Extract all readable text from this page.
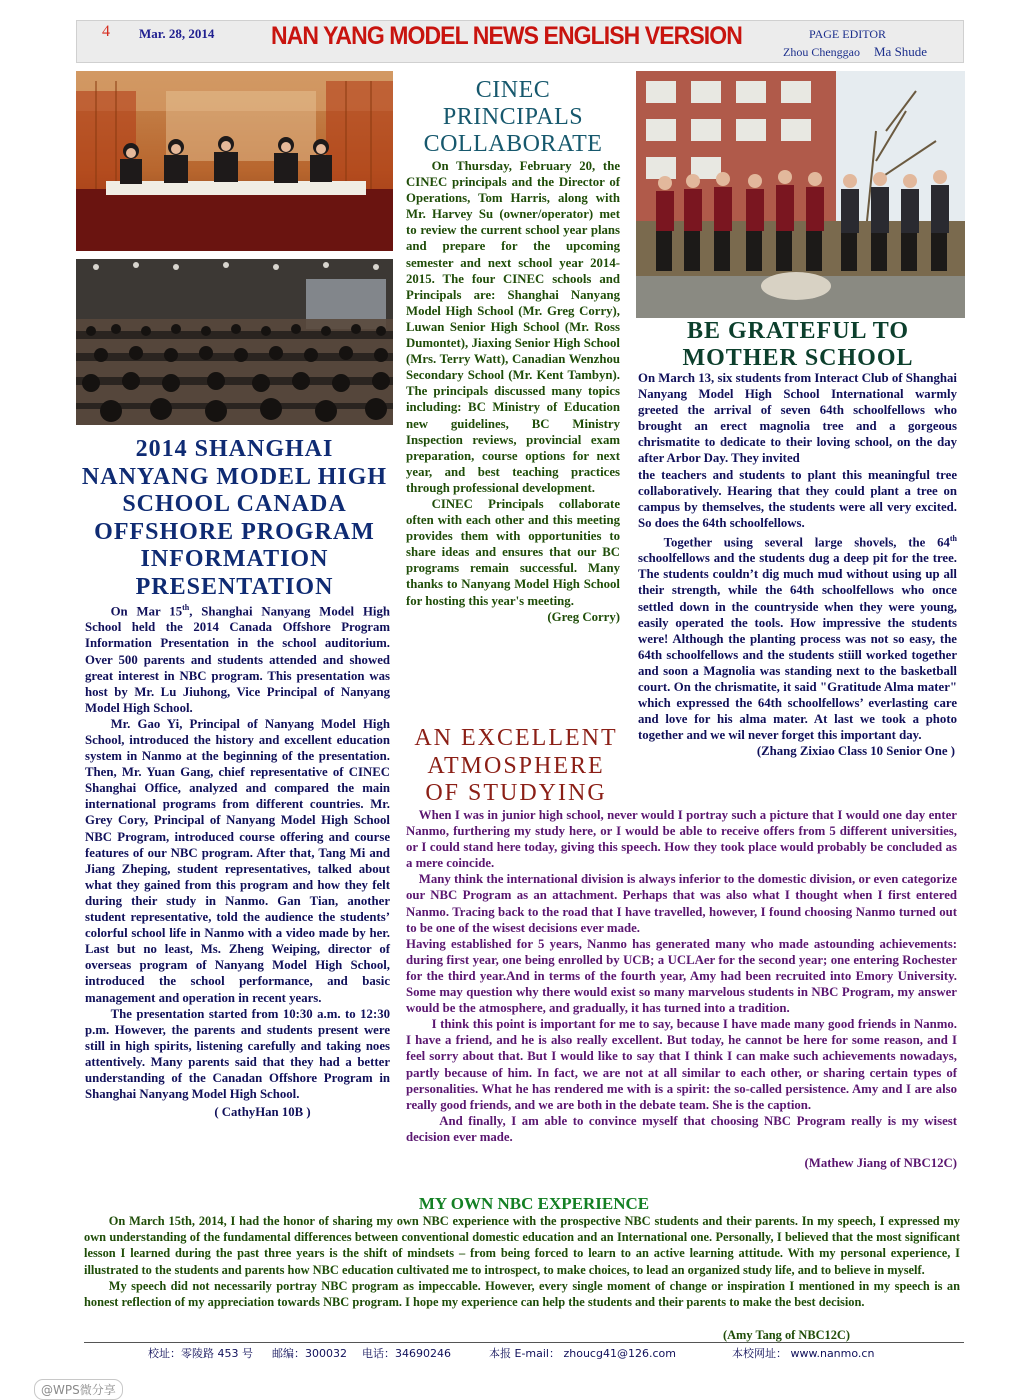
4 Mar. 28, 2014 NAN YANG MODEL NEWS ENGLISH VERSION	PAGE EDITOR
Zhou Chenggao Ma Shude
2014 SHANGHAI NANYANG MODEL HIGH SCHOOL CANADA OFFSHORE PROGRAM INFORMATION PRESENTATION

On Mar 15th, Shanghai Nanyang Model High School held the 2014 Canada Offshore Program Information Presentation in the school auditorium. Over 500 parents and students attended and showed great interest in NBC program. This presentation was host by Mr. Lu Jiuhong, Vice Principal of Nanyang Model High School.

Mr. Gao Yi, Principal of Nanyang Model High School, introduced the history and excellent education system in Nanmo at the beginning of the presentation. Then, Mr. Yuan Gang, chief representative of CINEC Shanghai Office, analyzed and compared the main international programs from different countries. Mr. Grey Cory, Principal of Nanyang Model High School NBC Program, introduced course offering and course features of our NBC program. After that, Tang Mi and Jiang Zheping, student representatives, talked about what they gained from this program and how they felt during their study in Nanmo. Gan Tian, another student representative, told the audience the students’ colorful school life in Nanmo with a video made by her. Last but no least, Ms. Zheng Weiping, director of overseas program of Nanyang Model High School, introduced the school performance, and basic management and operation in recent years.

The presentation started from 10:30 a.m. to 12:30 p.m. However, the parents and students present were still in high spirits, listening carefully and taking noes attentively. Many parents said that they had a better understanding of the Canadan Offshore Program in Shanghai Nanyang Model High School.

( CathyHan 10B )

CINEC PRINCIPALS COLLABORATE

On Thursday, February 20, the CINEC principals and the Director of Operations, Tom Harris, along with Mr. Harvey Su (owner/operator) met to review the current school year plans and prepare for the upcoming semester and next school year 2014-2015. The four CINEC schools and Principals are: Shanghai Nanyang Model High School (Mr. Greg Corry), Luwan Senior High School (Mr. Ross Dumontet), Jiaxing Senior High School (Mrs. Terry Watt), Canadian Wenzhou Secondary School (Mr. Kent Tambyn). The principals discussed many topics including: BC Ministry of Education new guidelines, BC Ministry Inspection reviews, provincial exam preparation, course options for next year, and best teaching practices through professional development.

CINEC Principals collaborate often with each other and this meeting provides them with opportunities to share ideas and ensures that our BC programs remain successful. Many thanks to Nanyang Model High School for hosting this year's meeting.

(Greg Corry)

BE GRATEFUL TO MOTHER SCHOOL

On March 13, six students from Interact Club of Shanghai Nanyang Model High School International warmly greeted the arrival of seven 64th schoolfellows who brought an erect magnolia tree and a gorgeous chrismatite to dedicate to their loving school, on the day after Arbor Day. They invited

the teachers and students to plant this meaningful tree collaboratively. Hearing that they could plant a tree on campus by themselves, the students were all very excited. So does the 64th schoolfellows.

Together using several large shovels, the 64th schoolfellows and the students dug a deep pit for the tree. The students couldn’t dig much mud without using up all their strength, while the 64th schoolfellows who once settled down in the countryside when they were young, easily operated the tools. How impressive the students were! Although the planting process was not so easy, the 64th schoolfellows and the students stiill worked together and soon a Magnolia was standing next to the basketball court. On the chrismatite, it said "Gratitude Alma mater" which expressed the 64th schoolfellows’ everlasting care and love for his alma mater. At last we took a photo together and we wil never forget this important day.

(Zhang Zixiao Class 10 Senior One )

AN EXCELLENT ATMOSPHERE OF STUDYING
MY OWN NBC EXPERIENCE

On March 15th, 2014, I had the honor of sharing my own NBC experience with the prospective NBC students and their parents. In my speech, I expressed my own understanding of the fundamental differences between conventional domestic education and an International one. Personally, I believed that the most significant lesson I learned during the past three years is the shift of mindsets – from being forced to learn to an active learning attitude. With my personal experience, I illustrated to the students and parents how NBC education cultivated me to introspect, to make choices, to lead an organized study life, and to believe in myself.

My speech did not necessarily portray NBC program as impeccable. However, every single moment of change or inspiration I mentioned in my speech is an honest reflection of my appreciation towards NBC program. I hope my experience can help the students and their parents to make the best decision.

(Amy Tang of NBC12C)
校址：零陵路 453 号 邮编：300032 电话：34690246	本报 E-mail： zhoucg41@126.com	本校网址： www.nanmo.cn
@WPS微分享

When I was in junior high school, never would I portray such a picture that I would one day enter Nanmo, furthering my study here, or I would be able to receive offers from 5 different universities, or I could stand here today, giving this speech. How they took place would probably be concluded as a mere coincide.

Many think the international division is always inferior to the domestic division, or even categorize our NBC Program as an attachment. Perhaps that was also what I thought when I first entered Nanmo. Tracing back to the road that I have travelled, however, I found choosing Nanmo turned out to be one of the wisest decisions ever made.

Having established for 5 years, Nanmo has generated many who made astounding achievements: during first year, one being enrolled by UCB; a UCLAer for the second year; one entering Rochester for the third year.And in terms of the fourth year, Amy had been recruited into Emory University. Some may question why there would exist so many marvelous students in NBC Program, my answer would be the atmosphere, and gradually, it has turned into a tradition.

I think this point is important for me to say, because I have made many good friends in Nanmo. I have a friend, and he is also really excellent. But today, he cannot be here for some reason, and I feel sorry about that. But I would like to say that I think I can make such achievements nowadays, partly because of him. In fact, we are not at all similar to each other, or sharing certain types of personalities. What he has rendered me with is a spirit: the so-called persistence. Amy and I are also really good friends, and we are both in the debate team. She is the caption.

And finally, I am able to convince myself that choosing NBC Program really is my wisest decision ever made.

(Mathew Jiang of NBC12C)
